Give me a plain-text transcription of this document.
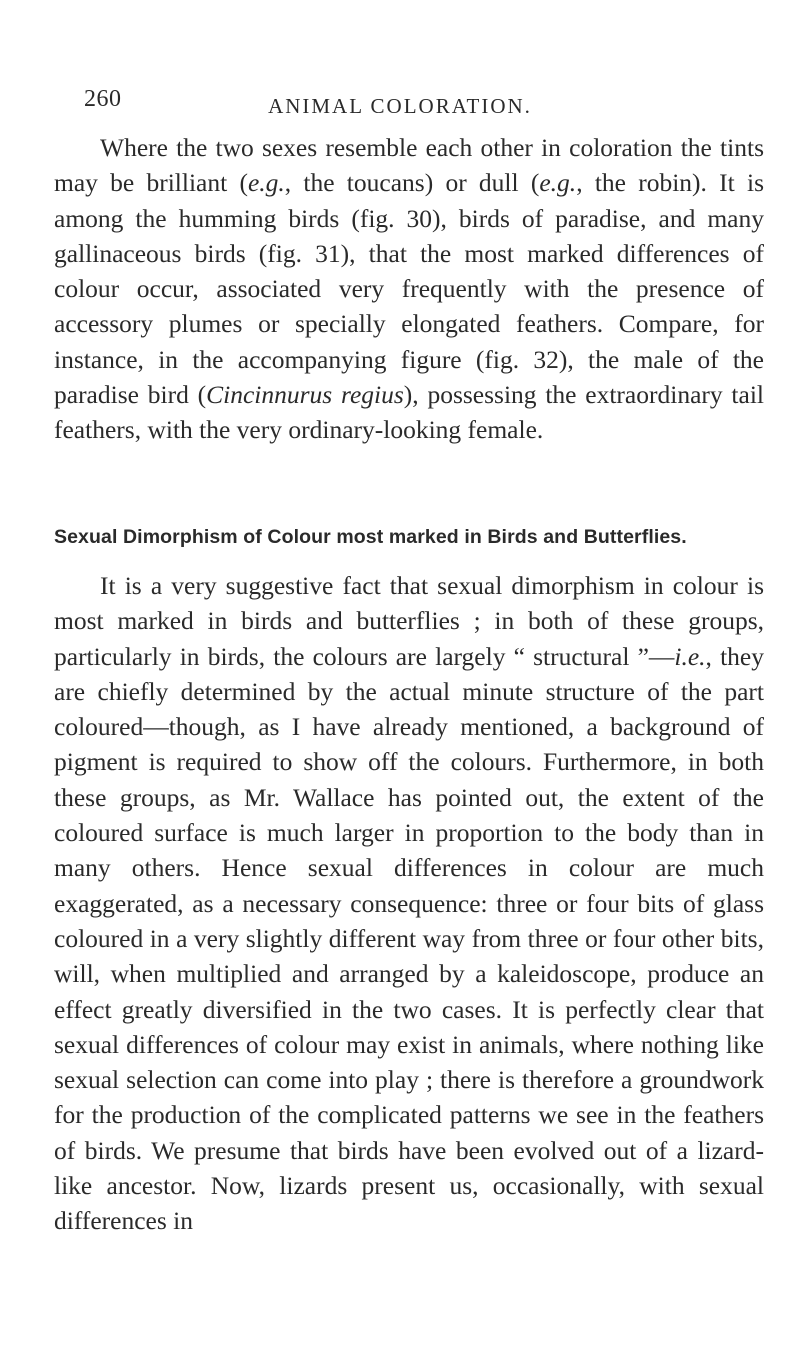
260	ANIMAL COLORATION.

Where the two sexes resemble each other in coloration the tints may be brilliant (e.g., the toucans) or dull (e.g., the robin). It is among the humming birds (fig. 30), birds of paradise, and many gallinaceous birds (fig. 31), that the most marked differences of colour occur, associated very frequently with the presence of accessory plumes or specially elongated feathers. Compare, for instance, in the accompanying figure (fig. 32), the male of the paradise bird (Cincinnurus regius), possessing the extraordinary tail feathers, with the very ordinary-looking female.

Sexual Dimorphism of Colour most marked in Birds and Butterflies.

It is a very suggestive fact that sexual dimorphism in colour is most marked in birds and butterflies ; in both of these groups, particularly in birds, the colours are largely “ structural ”—i.e., they are chiefly determined by the actual minute structure of the part coloured—though, as I have already mentioned, a background of pigment is required to show off the colours. Furthermore, in both these groups, as Mr. Wallace has pointed out, the extent of the coloured surface is much larger in proportion to the body than in many others. Hence sexual differences in colour are much exaggerated, as a necessary consequence: three or four bits of glass coloured in a very slightly different way from three or four other bits, will, when multiplied and arranged by a kaleidoscope, produce an effect greatly diversified in the two cases. It is perfectly clear that sexual differences of colour may exist in animals, where nothing like sexual selection can come into play ; there is therefore a groundwork for the production of the complicated patterns we see in the feathers of birds. We presume that birds have been evolved out of a lizard-like ancestor. Now, lizards present us, occasionally, with sexual differences in
